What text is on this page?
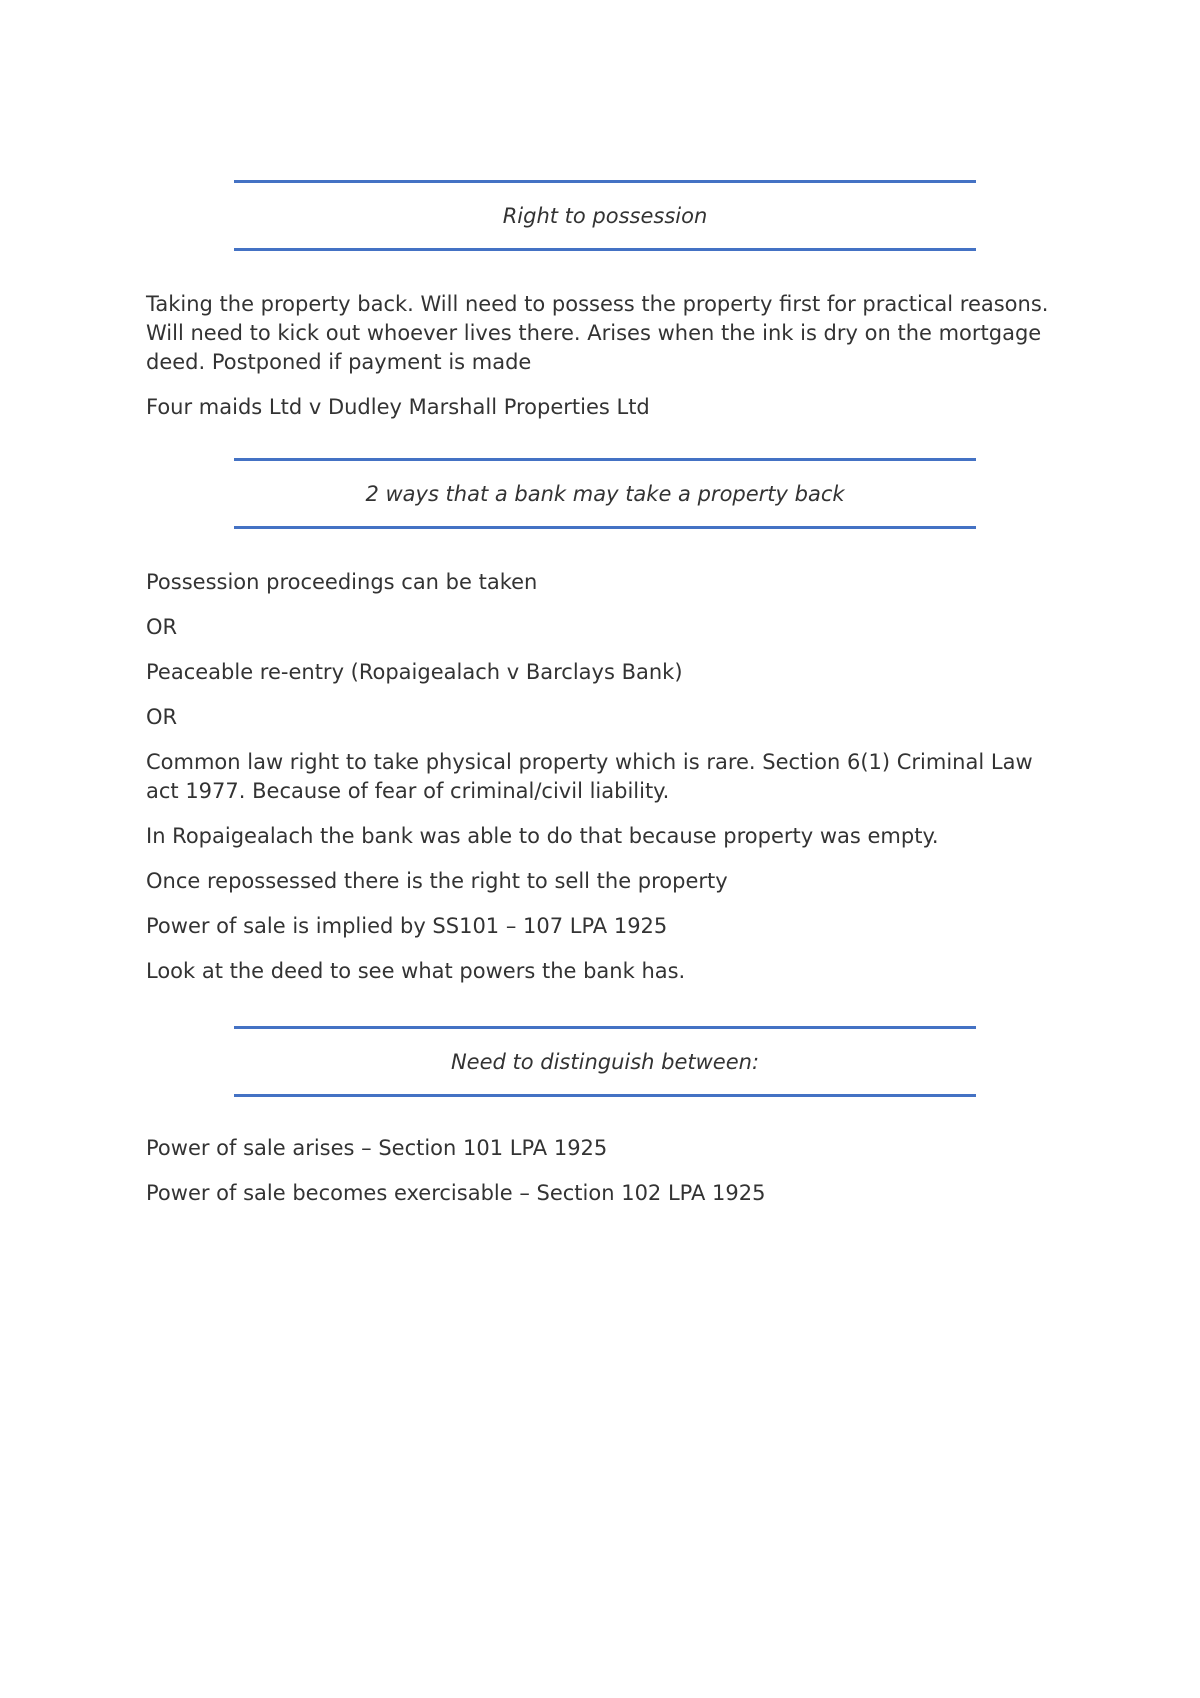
Right to possession

Taking the property back. Will need to possess the property first for practical reasons. Will need to kick out whoever lives there. Arises when the ink is dry on the mortgage deed. Postponed if payment is made

Four maids Ltd v Dudley Marshall Properties Ltd

2 ways that a bank may take a property back

Possession proceedings can be taken

OR

Peaceable re-entry (Ropaigealach v Barclays Bank)

OR

Common law right to take physical property which is rare. Section 6(1) Criminal Law act 1977. Because of fear of criminal/civil liability.

In Ropaigealach the bank was able to do that because property was empty.

Once repossessed there is the right to sell the property

Power of sale is implied by SS101 – 107 LPA 1925

Look at the deed to see what powers the bank has.

Need to distinguish between:

Power of sale arises – Section 101 LPA 1925

Power of sale becomes exercisable – Section 102 LPA 1925
